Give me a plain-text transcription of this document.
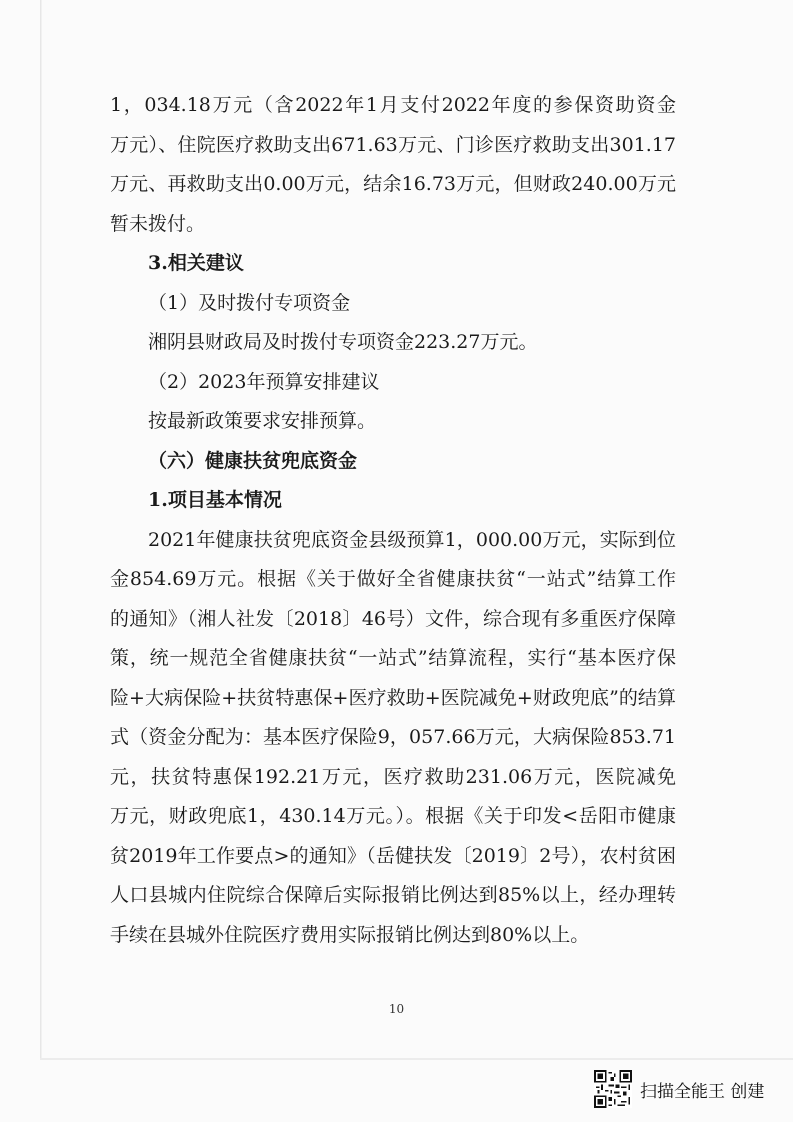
1，034.18万元（含2022年1月支付2022年度的参保资助资金
万元）、住院医疗救助支出671.63万元、门诊医疗救助支出301.17
万元、再救助支出0.00万元，结余16.73万元，但财政240.00万元
暂未拨付。
3.相关建议
（1）及时拨付专项资金
湘阴县财政局及时拨付专项资金223.27万元。
（2）2023年预算安排建议
按最新政策要求安排预算。
（六）健康扶贫兜底资金
1.项目基本情况
2021年健康扶贫兜底资金县级预算1，000.00万元，实际到位
金854.69万元。根据《关于做好全省健康扶贫“一站式”结算工作
的通知》（湘人社发〔2018〕46号）文件，综合现有多重医疗保障
策，统一规范全省健康扶贫“一站式”结算流程，实行“基本医疗保
险+大病保险+扶贫特惠保+医疗救助+医院减免+财政兜底”的结算
式（资金分配为：基本医疗保险9，057.66万元，大病保险853.71
元，扶贫特惠保192.21万元，医疗救助231.06万元，医院减免
万元，财政兜底1，430.14万元。）。根据《关于印发<岳阳市健康
贫2019年工作要点>的通知》（岳健扶发〔2019〕2号），农村贫困
人口县城内住院综合保障后实际报销比例达到85%以上，经办理转
手续在县城外住院医疗费用实际报销比例达到80%以上。
10
扫描全能王 创建
